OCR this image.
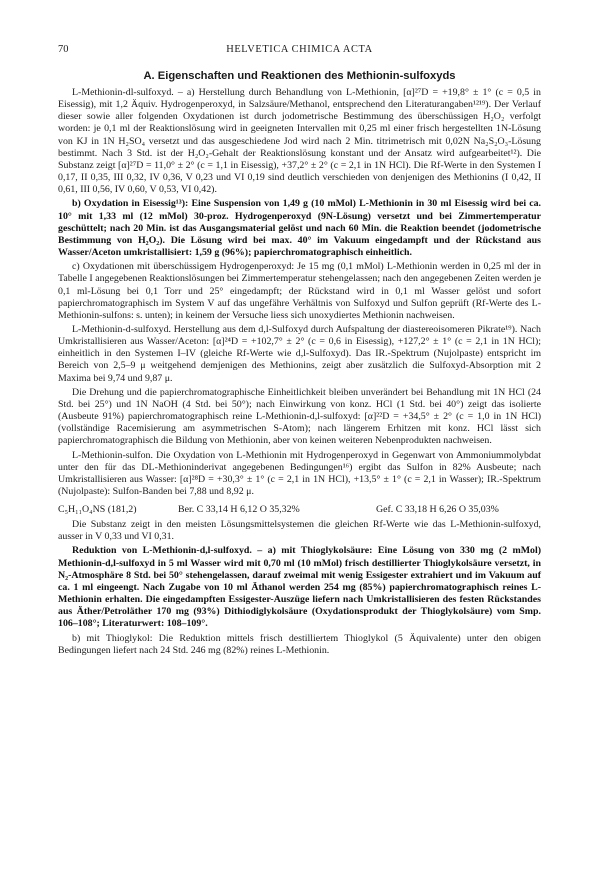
70	HELVETICA CHIMICA ACTA
A. Eigenschaften und Reaktionen des Methionin-sulfoxyds

L-Methionin-dl-sulfoxyd. – a) Herstellung durch Behandlung von L-Methionin, [α]²⁷D = +19,8° ± 1° (c = 0,5 in Eisessig), mit 1,2 Äquiv. Hydrogenperoxyd, in Salzsäure/Methanol, entsprechend den Literaturangaben¹²¹⁹). Der Verlauf dieser sowie aller folgenden Oxydationen ist durch jodometrische Bestimmung des überschüssigen H₂O₂ verfolgt worden: je 0,1 ml der Reaktionslösung wird in geeigneten Intervallen mit 0,25 ml einer frisch hergestellten 1N-Lösung von KJ in 1N H₂SO₄ versetzt und das ausgeschiedene Jod wird nach 2 Min. titrimetrisch mit 0,02N Na₂S₂O₃-Lösung bestimmt. Nach 3 Std. ist der H₂O₂-Gehalt der Reaktionslösung konstant und der Ansatz wird aufgearbeitet¹²). Die Substanz zeigt [α]²⁷D = 11,0° ± 2° (c = 1,1 in Eisessig), +37,2° ± 2° (c = 2,1 in 1N HCl). Die Rf-Werte in den Systemen I 0,17, II 0,35, III 0,32, IV 0,36, V 0,23 und VI 0,19 sind deutlich verschieden von denjenigen des Methionins (I 0,42, II 0,61, III 0,56, IV 0,60, V 0,53, VI 0,42).

b) Oxydation in Eisessig¹³): Eine Suspension von 1,49 g (10 mMol) L-Methionin in 30 ml Eisessig wird bei ca. 10° mit 1,33 ml (12 mMol) 30-proz. Hydrogenperoxyd (9N-Lösung) versetzt und bei Zimmertemperatur geschüttelt; nach 20 Min. ist das Ausgangsmaterial gelöst und nach 60 Min. die Reaktion beendet (jodometrische Bestimmung von H₂O₂). Die Lösung wird bei max. 40° im Vakuum eingedampft und der Rückstand aus Wasser/Aceton umkristallisiert: 1,59 g (96%); papierchromatographisch einheitlich.

c) Oxydationen mit überschüssigem Hydrogenperoxyd: Je 15 mg (0,1 mMol) L-Methionin werden in 0,25 ml der in Tabelle I angegebenen Reaktionslösungen bei Zimmertemperatur stehengelassen; nach den angegebenen Zeiten werden je 0,1 ml-Lösung bei 0,1 Torr und 25° eingedampft; der Rückstand wird in 0,1 ml Wasser gelöst und sofort papierchromatographisch im System V auf das ungefähre Verhältnis von Sulfoxyd und Sulfon geprüft (Rf-Werte des L-Methionin-sulfons: s. unten); in keinem der Versuche liess sich unoxydiertes Methionin nachweisen.

L-Methionin-d-sulfoxyd. Herstellung aus dem d,l-Sulfoxyd durch Aufspaltung der diastereoisomeren Pikrate¹⁹). Nach Umkristallisieren aus Wasser/Aceton: [α]²⁴D = +102,7° ± 2° (c = 0,6 in Eisessig), +127,2° ± 1° (c = 2,1 in 1N HCl); einheitlich in den Systemen I–IV (gleiche Rf-Werte wie d,l-Sulfoxyd). Das IR.-Spektrum (Nujolpaste) entspricht im Bereich von 2,5–9 μ weitgehend demjenigen des Methionins, zeigt aber zusätzlich die Sulfoxyd-Absorption mit 2 Maxima bei 9,74 und 9,87 μ.

Die Drehung und die papierchromatographische Einheitlichkeit bleiben unverändert bei Behandlung mit 1N HCl (24 Std. bei 25°) und 1N NaOH (4 Std. bei 50°); nach Einwirkung von konz. HCl (1 Std. bei 40°) zeigt das isolierte (Ausbeute 91%) papierchromatographisch reine L-Methionin-d,l-sulfoxyd: [α]²²D = +34,5° ± 2° (c = 1,0 in 1N HCl) (vollständige Racemisierung am asymmetrischen S-Atom); nach längerem Erhitzen mit konz. HCl lässt sich papierchromatographisch die Bildung von Methionin, aber von keinen weiteren Nebenprodukten nachweisen.

L-Methionin-sulfon. Die Oxydation von L-Methionin mit Hydrogenperoxyd in Gegenwart von Ammoniummolybdat unter den für das DL-Methioninderivat angegebenen Bedingungen¹⁶) ergibt das Sulfon in 82% Ausbeute; nach Umkristallisieren aus Wasser: [α]²⁸D = +30,3° ± 1° (c = 2,1 in 1N HCl), +13,5° ± 1° (c = 2,1 in Wasser); IR.-Spektrum (Nujolpaste): Sulfon-Banden bei 7,88 und 8,92 μ.

C₅H₁₁O₄NS (181,2)	Ber. C 33,14 H 6,12 O 35,32%	Gef. C 33,18 H 6,26 O 35,03%

Die Substanz zeigt in den meisten Lösungsmittelsystemen die gleichen Rf-Werte wie das L-Methionin-sulfoxyd, ausser in V 0,33 und VI 0,31.

Reduktion von L-Methionin-d,l-sulfoxyd. – a) mit Thioglykolsäure: Eine Lösung von 330 mg (2 mMol) Methionin-d,l-sulfoxyd in 5 ml Wasser wird mit 0,70 ml (10 mMol) frisch destillierter Thioglykolsäure versetzt, in N₂-Atmosphäre 8 Std. bei 50° stehengelassen, darauf zweimal mit wenig Essigester extrahiert und im Vakuum auf ca. 1 ml eingeengt. Nach Zugabe von 10 ml Äthanol werden 254 mg (85%) papierchromatographisch reines L-Methionin erhalten. Die eingedampften Essigester-Auszüge liefern nach Umkristallisieren des festen Rückstandes aus Äther/Petroläther 170 mg (93%) Dithiodiglykolsäure (Oxydationsprodukt der Thioglykolsäure) vom Smp. 106–108°; Literaturwert: 108–109°.

b) mit Thioglykol: Die Reduktion mittels frisch destilliertem Thioglykol (5 Äquivalente) unter den obigen Bedingungen liefert nach 24 Std. 246 mg (82%) reines L-Methionin.
